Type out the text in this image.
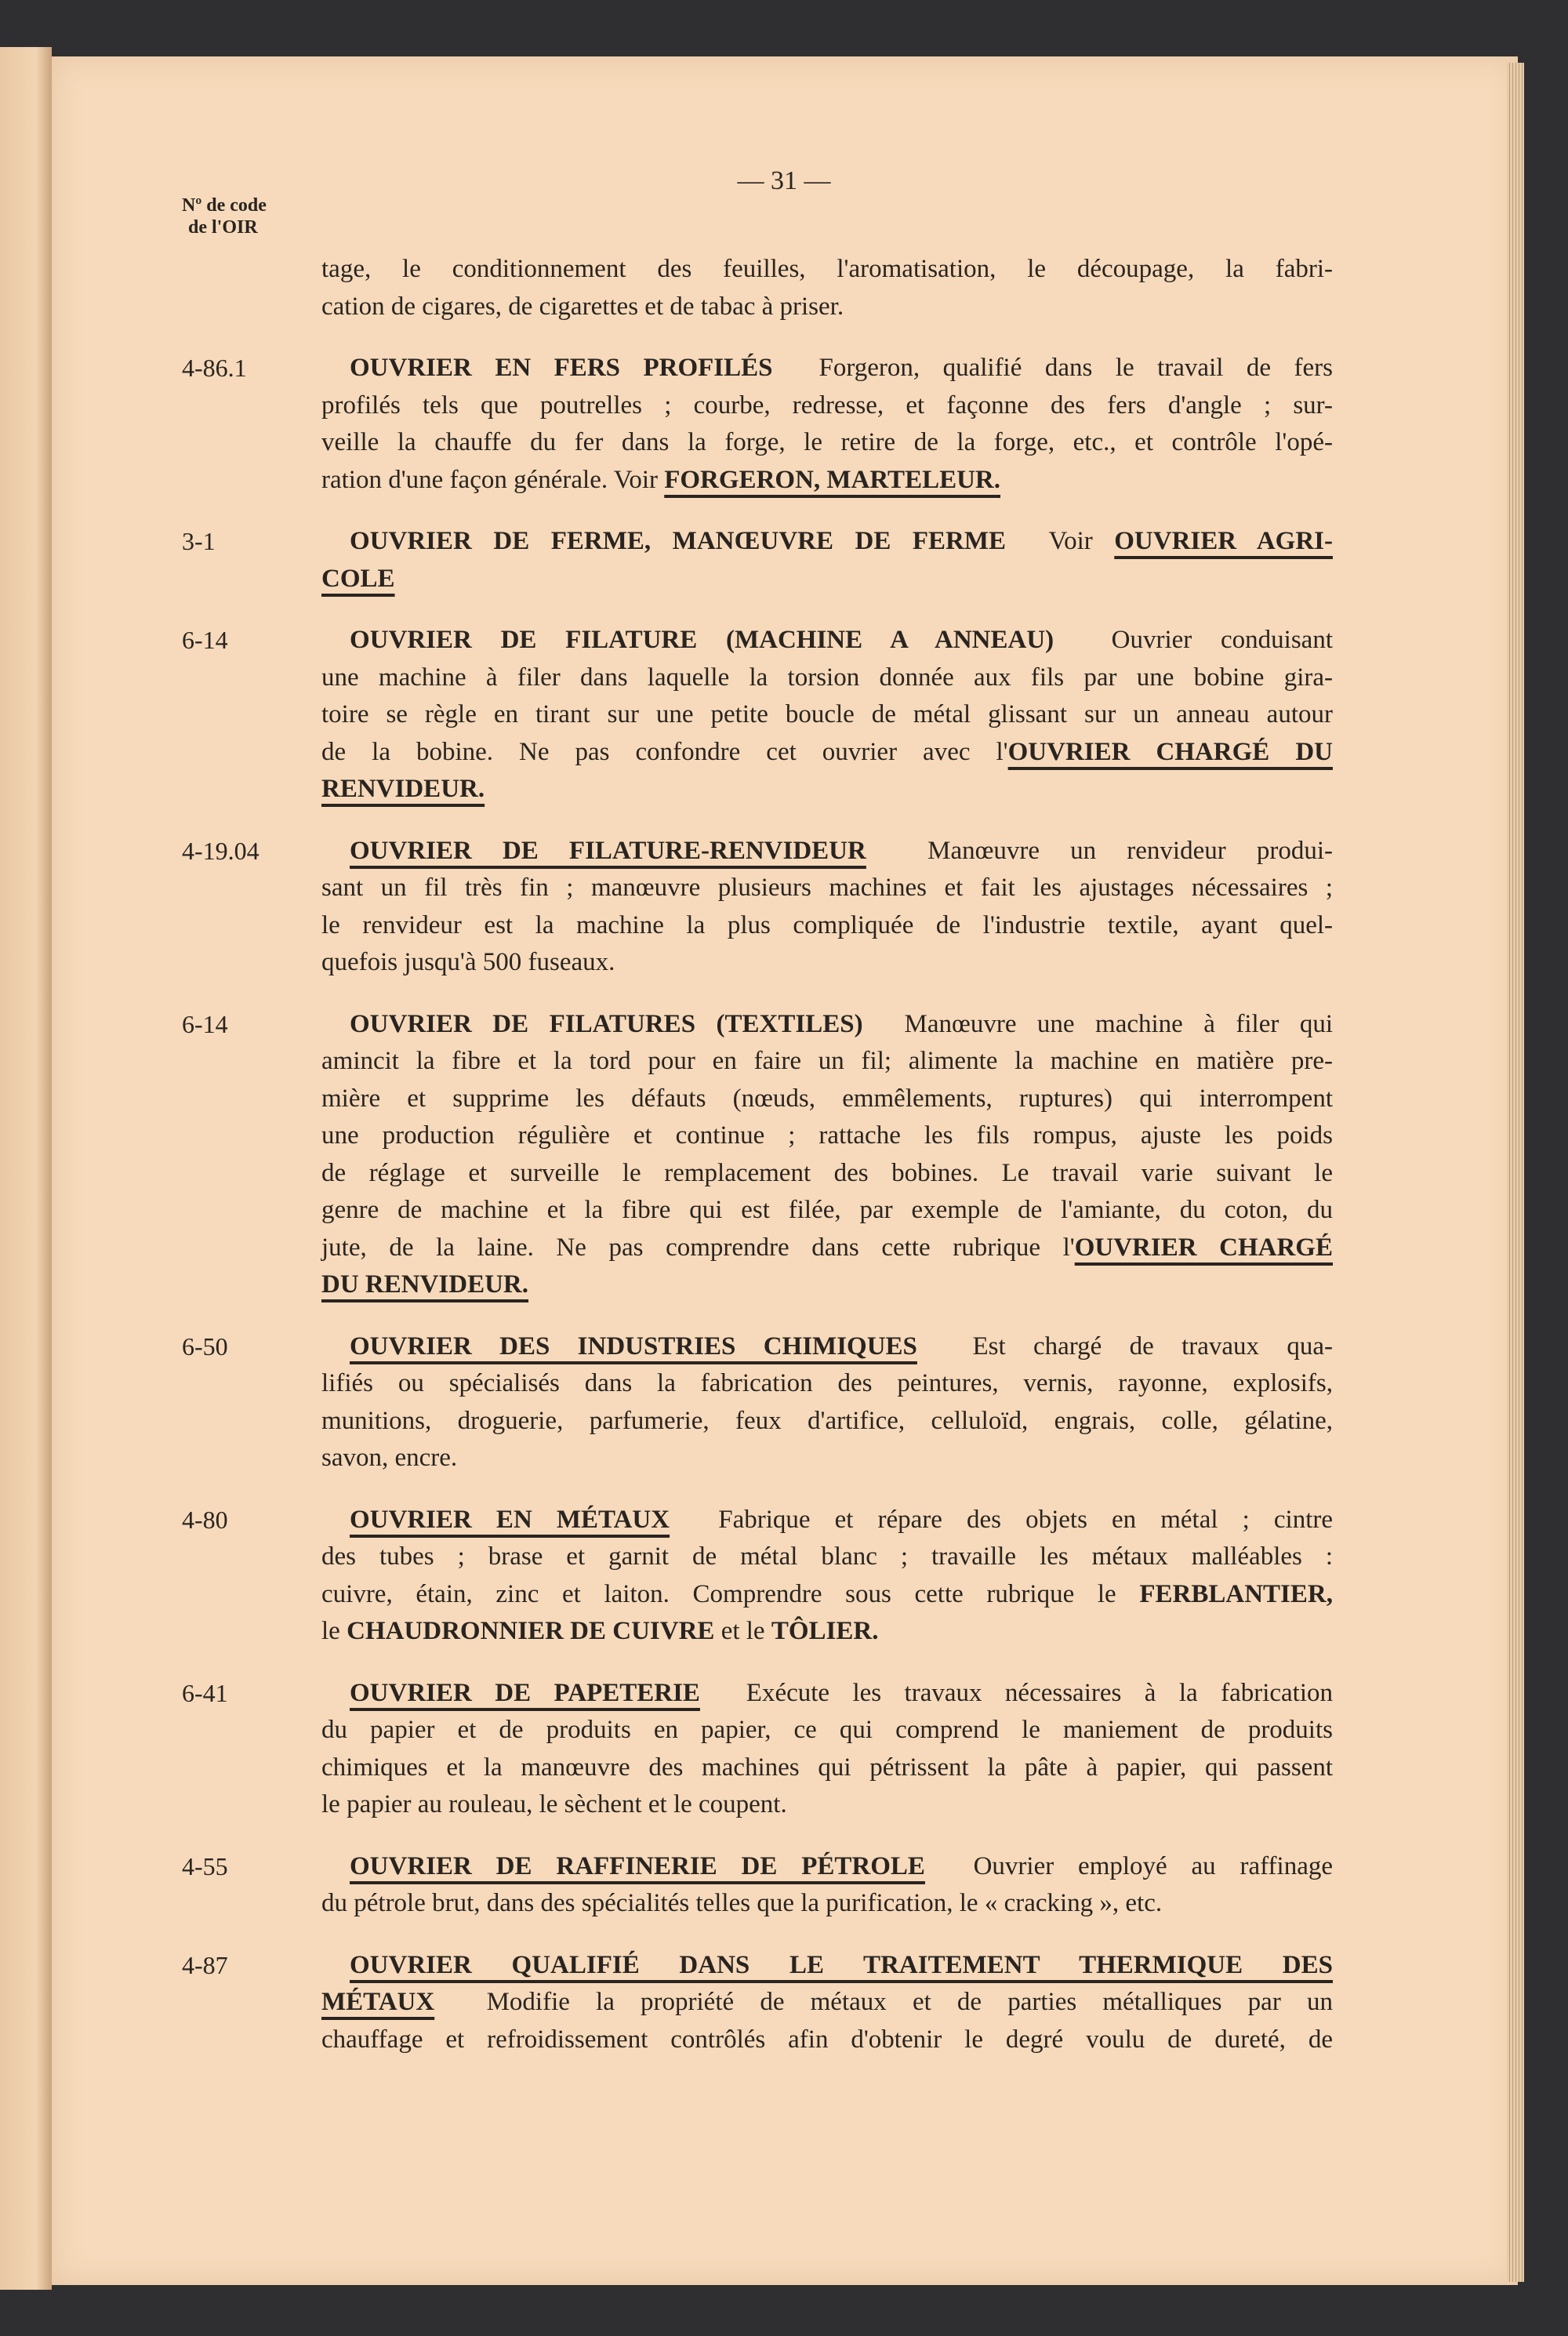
— 31 —
Nº de code
de l'OIR
tage, le conditionnement des feuilles, l'aromatisation, le découpage, la fabri-
cation de cigares, de cigarettes et de tabac à priser.
4-86.1	OUVRIER EN FERS PROFILÉS  Forgeron, qualifié dans le travail de fers
profilés tels que poutrelles ; courbe, redresse, et façonne des fers d'angle ; sur-
veille la chauffe du fer dans la forge, le retire de la forge, etc., et contrôle l'opé-
ration d'une façon générale. Voir FORGERON, MARTELEUR.
3-1	OUVRIER DE FERME, MANŒUVRE DE FERME  Voir OUVRIER AGRI-
COLE
6-14	OUVRIER DE FILATURE (MACHINE A ANNEAU)  Ouvrier conduisant
une machine à filer dans laquelle la torsion donnée aux fils par une bobine gira-
toire se règle en tirant sur une petite boucle de métal glissant sur un anneau autour
de la bobine. Ne pas confondre cet ouvrier avec l'OUVRIER CHARGÉ DU
RENVIDEUR.
4-19.04	OUVRIER DE FILATURE-RENVIDEUR  Manœuvre un renvideur produi-
sant un fil très fin ; manœuvre plusieurs machines et fait les ajustages nécessaires ;
le renvideur est la machine la plus compliquée de l'industrie textile, ayant quel-
quefois jusqu'à 500 fuseaux.
6-14	OUVRIER DE FILATURES (TEXTILES)  Manœuvre une machine à filer qui
amincit la fibre et la tord pour en faire un fil; alimente la machine en matière pre-
mière et supprime les défauts (nœuds, emmêlements, ruptures) qui interrompent
une production régulière et continue ; rattache les fils rompus, ajuste les poids
de réglage et surveille le remplacement des bobines. Le travail varie suivant le
genre de machine et la fibre qui est filée, par exemple de l'amiante, du coton, du
jute, de la laine. Ne pas comprendre dans cette rubrique l'OUVRIER CHARGÉ
DU RENVIDEUR.
6-50	OUVRIER DES INDUSTRIES CHIMIQUES  Est chargé de travaux qua-
lifiés ou spécialisés dans la fabrication des peintures, vernis, rayonne, explosifs,
munitions, droguerie, parfumerie, feux d'artifice, celluloïd, engrais, colle, gélatine,
savon, encre.
4-80	OUVRIER EN MÉTAUX  Fabrique et répare des objets en métal ; cintre
des tubes ; brase et garnit de métal blanc ; travaille les métaux malléables :
cuivre, étain, zinc et laiton. Comprendre sous cette rubrique le FERBLANTIER,
le CHAUDRONNIER DE CUIVRE et le TÔLIER.
6-41	OUVRIER DE PAPETERIE  Exécute les travaux nécessaires à la fabrication
du papier et de produits en papier, ce qui comprend le maniement de produits
chimiques et la manœuvre des machines qui pétrissent la pâte à papier, qui passent
le papier au rouleau, le sèchent et le coupent.
4-55	OUVRIER DE RAFFINERIE DE PÉTROLE  Ouvrier employé au raffinage
du pétrole brut, dans des spécialités telles que la purification, le « cracking », etc.
4-87	OUVRIER QUALIFIÉ DANS LE TRAITEMENT THERMIQUE DES
MÉTAUX  Modifie la propriété de métaux et de parties métalliques par un
chauffage et refroidissement contrôlés afin d'obtenir le degré voulu de dureté, de
